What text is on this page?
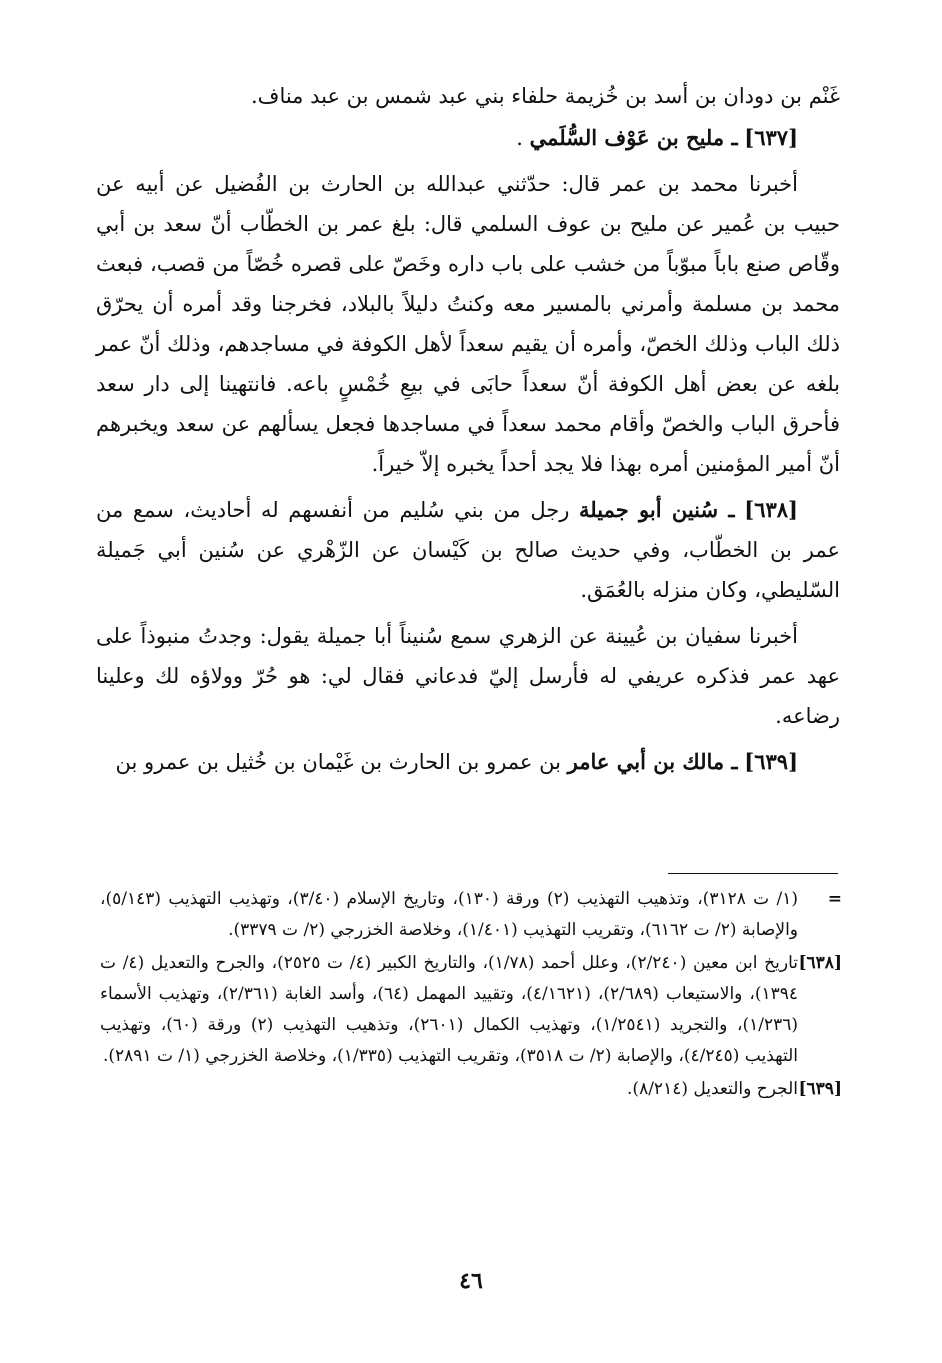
غَنْم بن دودان بن أسد بن خُزيمة حلفاء بني عبد شمس بن عبد مناف.

[٦٣٧] ـ مليح بن عَوْف السُّلَمي .

أخبرنا محمد بن عمر قال: حدّثني عبدالله بن الحارث بن الفُضيل عن أبيه عن حبيب بن عُمير عن مليح بن عوف السلمي قال: بلغ عمر بن الخطّاب أنّ سعد بن أبي وقّاص صنع باباً مبوّباً من خشب على باب داره وخَصّ على قصره خُصّاً من قصب، فبعث محمد بن مسلمة وأمرني بالمسير معه وكنتُ دليلاً بالبلاد، فخرجنا وقد أمره أن يحرّق ذلك الباب وذلك الخصّ، وأمره أن يقيم سعداً لأهل الكوفة في مساجدهم، وذلك أنّ عمر بلغه عن بعض أهل الكوفة أنّ سعداً حابَى في بيعِ خُمْسٍ باعه. فانتهينا إلى دار سعد فأحرق الباب والخصّ وأقام محمد سعداً في مساجدها فجعل يسألهم عن سعد ويخبرهم أنّ أمير المؤمنين أمره بهذا فلا يجد أحداً يخبره إلاّ خيراً.

[٦٣٨] ـ سُنين أبو جميلة رجل من بني سُليم من أنفسهم له أحاديث، سمع من عمر بن الخطّاب، وفي حديث صالح بن كَيْسان عن الزّهْري عن سُنين أبي جَميلة السّليطي، وكان منزله بالعُمَق.

أخبرنا سفيان بن عُيينة عن الزهري سمع سُنيناً أبا جميلة يقول: وجدتُ منبوذاً على عهد عمر فذكره عريفي له فأرسل إليّ فدعاني فقال لي: هو حُرّ وولاؤه لك وعلينا رضاعه.

[٦٣٩] ـ مالك بن أبي عامر بن عمرو بن الحارث بن غَيْمان بن خُثيل بن عمرو بن

=
(١/ ت ٣١٢٨)، وتذهيب التهذيب (٢) ورقة (١٣٠)، وتاريخ الإسلام (٣/٤٠)، وتهذيب التهذيب (٥/١٤٣)، والإصابة (٢/ ت ٦١٦٢)، وتقريب التهذيب (١/٤٠١)، وخلاصة الخزرجي (٢/ ت ٣٣٧٩).
[٦٣٨]
تاريخ ابن معين (٢/٢٤٠)، وعلل أحمد (١/٧٨)، والتاريخ الكبير (٤/ ت ٢٥٢٥)، والجرح والتعديل (٤/ ت ١٣٩٤)، والاستيعاب (٢/٦٨٩)، (٤/١٦٢١)، وتقييد المهمل (٦٤)، وأسد الغابة (٢/٣٦١)، وتهذيب الأسماء (١/٢٣٦)، والتجريد (١/٢٥٤١)، وتهذيب الكمال (٢٦٠١)، وتذهيب التهذيب (٢) ورقة (٦٠)، وتهذيب التهذيب (٤/٢٤٥)، والإصابة (٢/ ت ٣٥١٨)، وتقريب التهذيب (١/٣٣٥)، وخلاصة الخزرجي (١/ ت ٢٨٩١).
[٦٣٩]
الجرح والتعديل (٨/٢١٤).
٤٦
